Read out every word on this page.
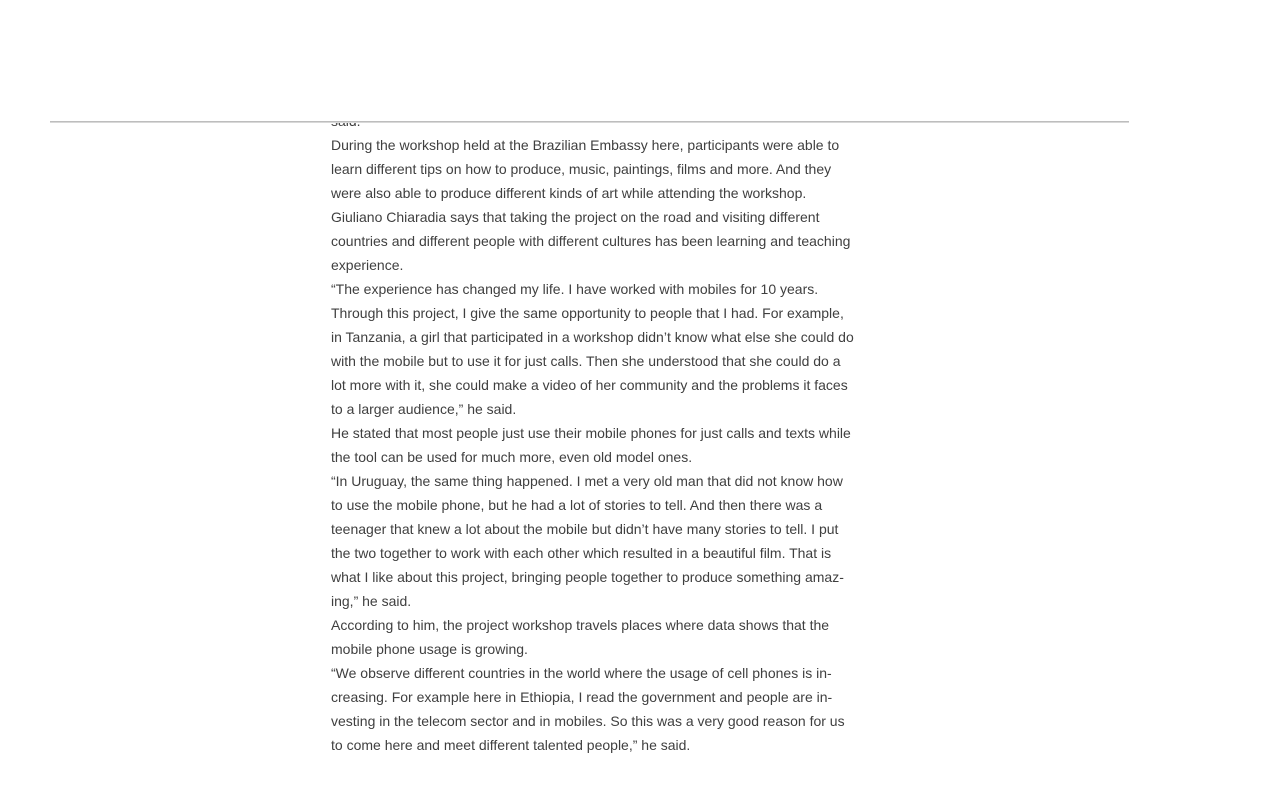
During the workshop held at the Brazilian Embassy here, participants were able to
learn different tips on how to produce, music, paintings, films and more. And they
were also able to produce different kinds of art while attending the workshop.

Giuliano Chiaradia says that taking the project on the road and visiting different
countries and different people with different cultures has been learning and teaching
experience.

“The experience has changed my life. I have worked with mobiles for 10 years.
Through this project, I give the same opportunity to people that I had. For example,
in Tanzania, a girl that participated in a workshop didn’t know what else she could do
with the mobile but to use it for just calls. Then she understood that she could do a
lot more with it, she could make a video of her community and the problems it faces
to a larger audience,” he said.

He stated that most people just use their mobile phones for just calls and texts while
the tool can be used for much more, even old model ones.

“In Uruguay, the same thing happened. I met a very old man that did not know how
to use the mobile phone, but he had a lot of stories to tell. And then there was a
teenager that knew a lot about the mobile but didn’t have many stories to tell. I put
the two together to work with each other which resulted in a beautiful film. That is
what I like about this project, bringing people together to produce something amaz-
ing,” he said.

According to him, the project workshop travels places where data shows that the
mobile phone usage is growing.

“We observe different countries in the world where the usage of cell phones is in-
creasing. For example here in Ethiopia, I read the government and people are in-
vesting in the telecom sector and in mobiles. So this was a very good reason for us
to come here and meet different talented people,” he said.
